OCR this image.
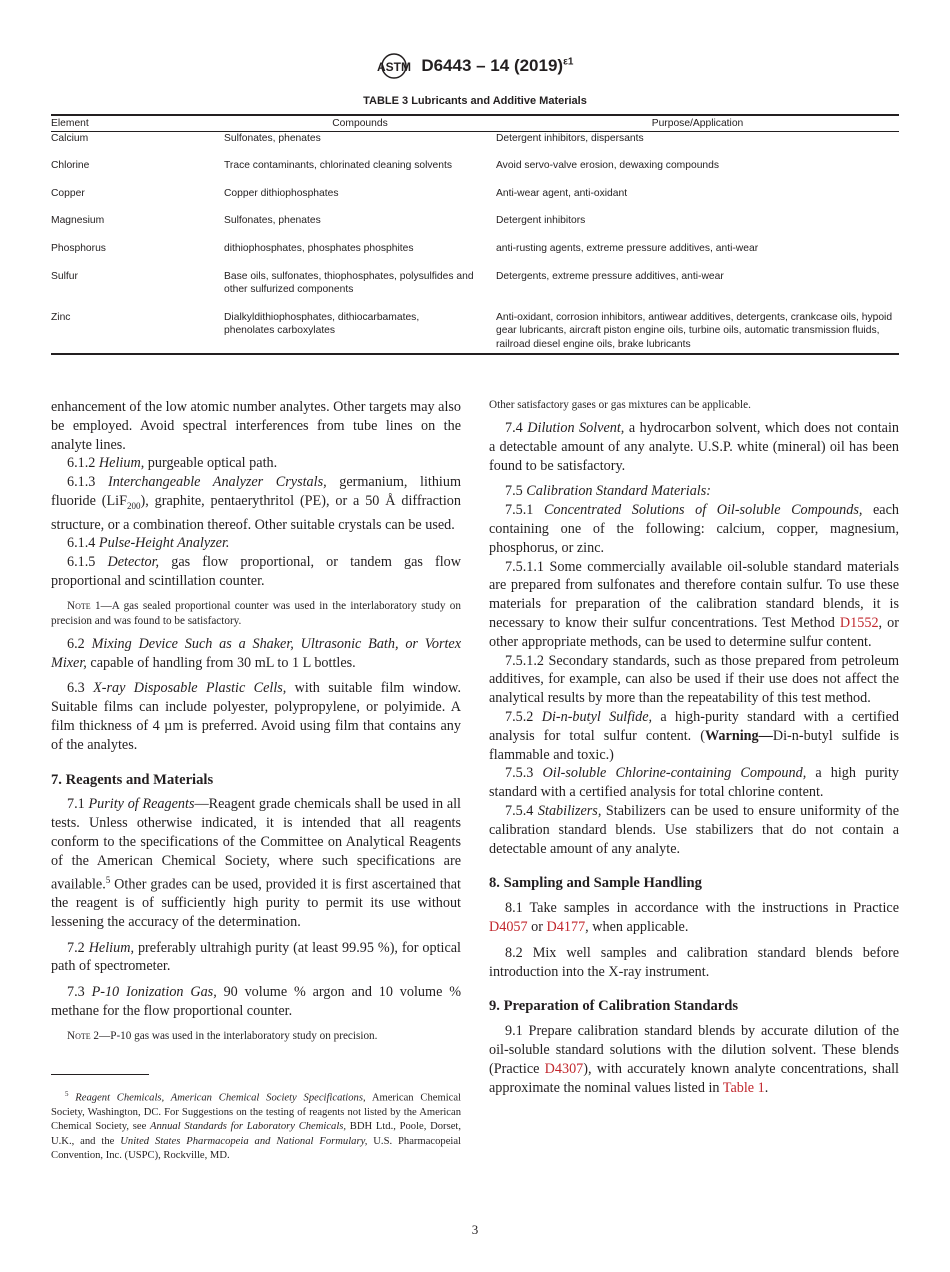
ASTM D6443 – 14 $(2019)^{\varepsilon 1}$
TABLE 3 Lubricants and Additive Materials
Element	Compounds	Purpose/Application
Calcium	Sulfonates, phenates	Detergent inhibitors, dispersants
Chlorine	Trace contaminants, chlorinated cleaning solvents	Avoid servo-valve erosion, dewaxing compounds
Copper	Copper dithiophosphates	Anti-wear agent, anti-oxidant
Magnesium	Sulfonates, phenates	Detergent inhibitors
Phosphorus	dithiophosphates, phosphates phosphites	anti-rusting agents, extreme pressure additives, anti-wear
Sulfur	Base oils, sulfonates, thiophosphates, polysulfides and other sulfurized components	Detergents, extreme pressure additives, anti-wear
Zinc	Dialkyldithiophosphates, dithiocarbamates, phenolates carboxylates	Anti-oxidant, corrosion inhibitors, antiwear additives, detergents, crankcase oils, hypoid gear lubricants, aircraft piston engine oils, turbine oils, automatic transmission fluids, railroad diesel engine oils, brake lubricants

enhancement of the low atomic number analytes. Other targets may also be employed. Avoid spectral interferences from tube lines on the analyte lines.

6.1.2 Helium, purgeable optical path.

6.1.3 Interchangeable Analyzer Crystals, germanium, lithium fluoride (LiF$_{200}$), graphite, pentaerythritol (PE), or a 50 Å diffraction structure, or a combination thereof. Other suitable crystals can be used.

6.1.4 Pulse-Height Analyzer.

6.1.5 Detector, gas flow proportional, or tandem gas flow proportional and scintillation counter.

Note 1—A gas sealed proportional counter was used in the interlaboratory study on precision and was found to be satisfactory.

6.2 Mixing Device Such as a Shaker, Ultrasonic Bath, or Vortex Mixer, capable of handling from 30 mL to 1 L bottles.

6.3 X-ray Disposable Plastic Cells, with suitable film window. Suitable films can include polyester, polypropylene, or polyimide. A film thickness of 4 µm is preferred. Avoid using film that contains any of the analytes.

7. Reagents and Materials

7.1 Purity of Reagents—Reagent grade chemicals shall be used in all tests. Unless otherwise indicated, it is intended that all reagents conform to the specifications of the Committee on Analytical Reagents of the American Chemical Society, where such specifications are available.$^5$ Other grades can be used, provided it is first ascertained that the reagent is of sufficiently high purity to permit its use without lessening the accuracy of the determination.

7.2 Helium, preferably ultrahigh purity (at least 99.95 %), for optical path of spectrometer.

7.3 P-10 Ionization Gas, 90 volume % argon and 10 volume % methane for the flow proportional counter.

Note 2—P-10 gas was used in the interlaboratory study on precision.

$^5$ Reagent Chemicals, American Chemical Society Specifications, American Chemical Society, Washington, DC. For Suggestions on the testing of reagents not listed by the American Chemical Society, see Annual Standards for Laboratory Chemicals, BDH Ltd., Poole, Dorset, U.K., and the United States Pharmacopeia and National Formulary, U.S. Pharmacopeial Convention, Inc. (USPC), Rockville, MD.

Other satisfactory gases or gas mixtures can be applicable.

7.4 Dilution Solvent, a hydrocarbon solvent, which does not contain a detectable amount of any analyte. U.S.P. white (mineral) oil has been found to be satisfactory.

7.5 Calibration Standard Materials:

7.5.1 Concentrated Solutions of Oil-soluble Compounds, each containing one of the following: calcium, copper, magnesium, phosphorus, or zinc.

7.5.1.1 Some commercially available oil-soluble standard materials are prepared from sulfonates and therefore contain sulfur. To use these materials for preparation of the calibration standard blends, it is necessary to know their sulfur concentrations. Test Method D1552, or other appropriate methods, can be used to determine sulfur content.

7.5.1.2 Secondary standards, such as those prepared from petroleum additives, for example, can also be used if their use does not affect the analytical results by more than the repeatability of this test method.

7.5.2 Di-n-butyl Sulfide, a high-purity standard with a certified analysis for total sulfur content. (Warning—Di-n-butyl sulfide is flammable and toxic.)

7.5.3 Oil-soluble Chlorine-containing Compound, a high purity standard with a certified analysis for total chlorine content.

7.5.4 Stabilizers, Stabilizers can be used to ensure uniformity of the calibration standard blends. Use stabilizers that do not contain a detectable amount of any analyte.

8. Sampling and Sample Handling

8.1 Take samples in accordance with the instructions in Practice D4057 or D4177, when applicable.

8.2 Mix well samples and calibration standard blends before introduction into the X-ray instrument.

9. Preparation of Calibration Standards

9.1 Prepare calibration standard blends by accurate dilution of the oil-soluble standard solutions with the dilution solvent. These blends (Practice D4307), with accurately known analyte concentrations, shall approximate the nominal values listed in Table 1.

3
